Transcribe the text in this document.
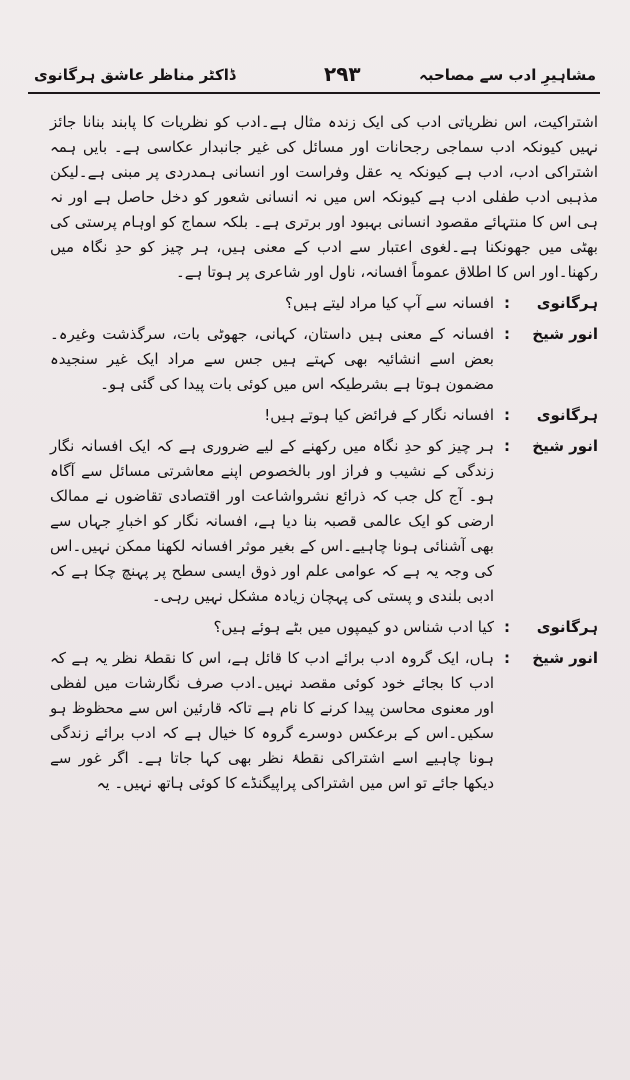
ڈاکٹر مناظر عاشق ہرگانوی	۲۹۳	مشاہیرِ ادب سے مصاحبہ

اشتراکیت، اس نظریاتی ادب کی ایک زندہ مثال ہے۔ادب کو نظریات کا پابند بنانا جائز نہیں کیونکہ ادب سماجی رجحانات اور مسائل کی غیر جانبدار عکاسی ہے۔ بایں ہمہ اشتراکی ادب، ادب ہے کیونکہ یہ عقل وفراست اور انسانی ہمدردی پر مبنی ہے۔لیکن مذہبی ادب طفلی ادب ہے کیونکہ اس میں نہ انسانی شعور کو دخل حاصل ہے اور نہ ہی اس کا منتہائے مقصود انسانی بہبود اور برتری ہے۔ بلکہ سماج کو اوہام پرستی کی بھٹی میں جھونکنا ہے۔لغوی اعتبار سے ادب کے معنی ہیں، ہر چیز کو حدِ نگاہ میں رکھنا۔اور اس کا اطلاق عموماً افسانہ، ناول اور شاعری پر ہوتا ہے۔

ہرگانوی
:
افسانہ سے آپ کیا مراد لیتے ہیں؟
انور شیخ
:
افسانہ کے معنی ہیں داستان، کہانی، جھوٹی بات، سرگذشت وغیرہ۔بعض اسے انشائیہ بھی کہتے ہیں جس سے مراد ایک غیر سنجیدہ مضمون ہوتا ہے بشرطیکہ اس میں کوئی بات پیدا کی گئی ہو۔
ہرگانوی
:
افسانہ نگار کے فرائض کیا ہوتے ہیں!
انور شیخ
:
ہر چیز کو حدِ نگاہ میں رکھنے کے لیے ضروری ہے کہ ایک افسانہ نگار زندگی کے نشیب و فراز اور بالخصوص اپنے معاشرتی مسائل سے آگاہ ہو۔ آج کل جب کہ ذرائع نشرواشاعت اور اقتصادی تقاضوں نے ممالک ارضی کو ایک عالمی قصبہ بنا دیا ہے، افسانہ نگار کو اخبارِ جہاں سے بھی آشنائی ہونا چاہیے۔اس کے بغیر موثر افسانہ لکھنا ممکن نہیں۔اس کی وجہ یہ ہے کہ عوامی علم اور ذوق ایسی سطح پر پہنچ چکا ہے کہ ادبی بلندی و پستی کی پہچان زیادہ مشکل نہیں رہی۔
ہرگانوی
:
کیا ادب شناس دو کیمپوں میں بٹے ہوئے ہیں؟
انور شیخ
:
ہاں، ایک گروہ ادب برائے ادب کا قائل ہے، اس کا نقطۂ نظر یہ ہے کہ ادب کا بجائے خود کوئی مقصد نہیں۔ادب صرف نگارشات میں لفظی اور معنوی محاسن پیدا کرنے کا نام ہے تاکہ قارئین اس سے محظوظ ہو سکیں۔اس کے برعکس دوسرے گروہ کا خیال ہے کہ ادب برائے زندگی ہونا چاہیے اسے اشتراکی نقطۂ نظر بھی کہا جاتا ہے۔ اگر غور سے دیکھا جائے تو اس میں اشتراکی پراپیگنڈے کا کوئی ہاتھ نہیں۔ یہ
